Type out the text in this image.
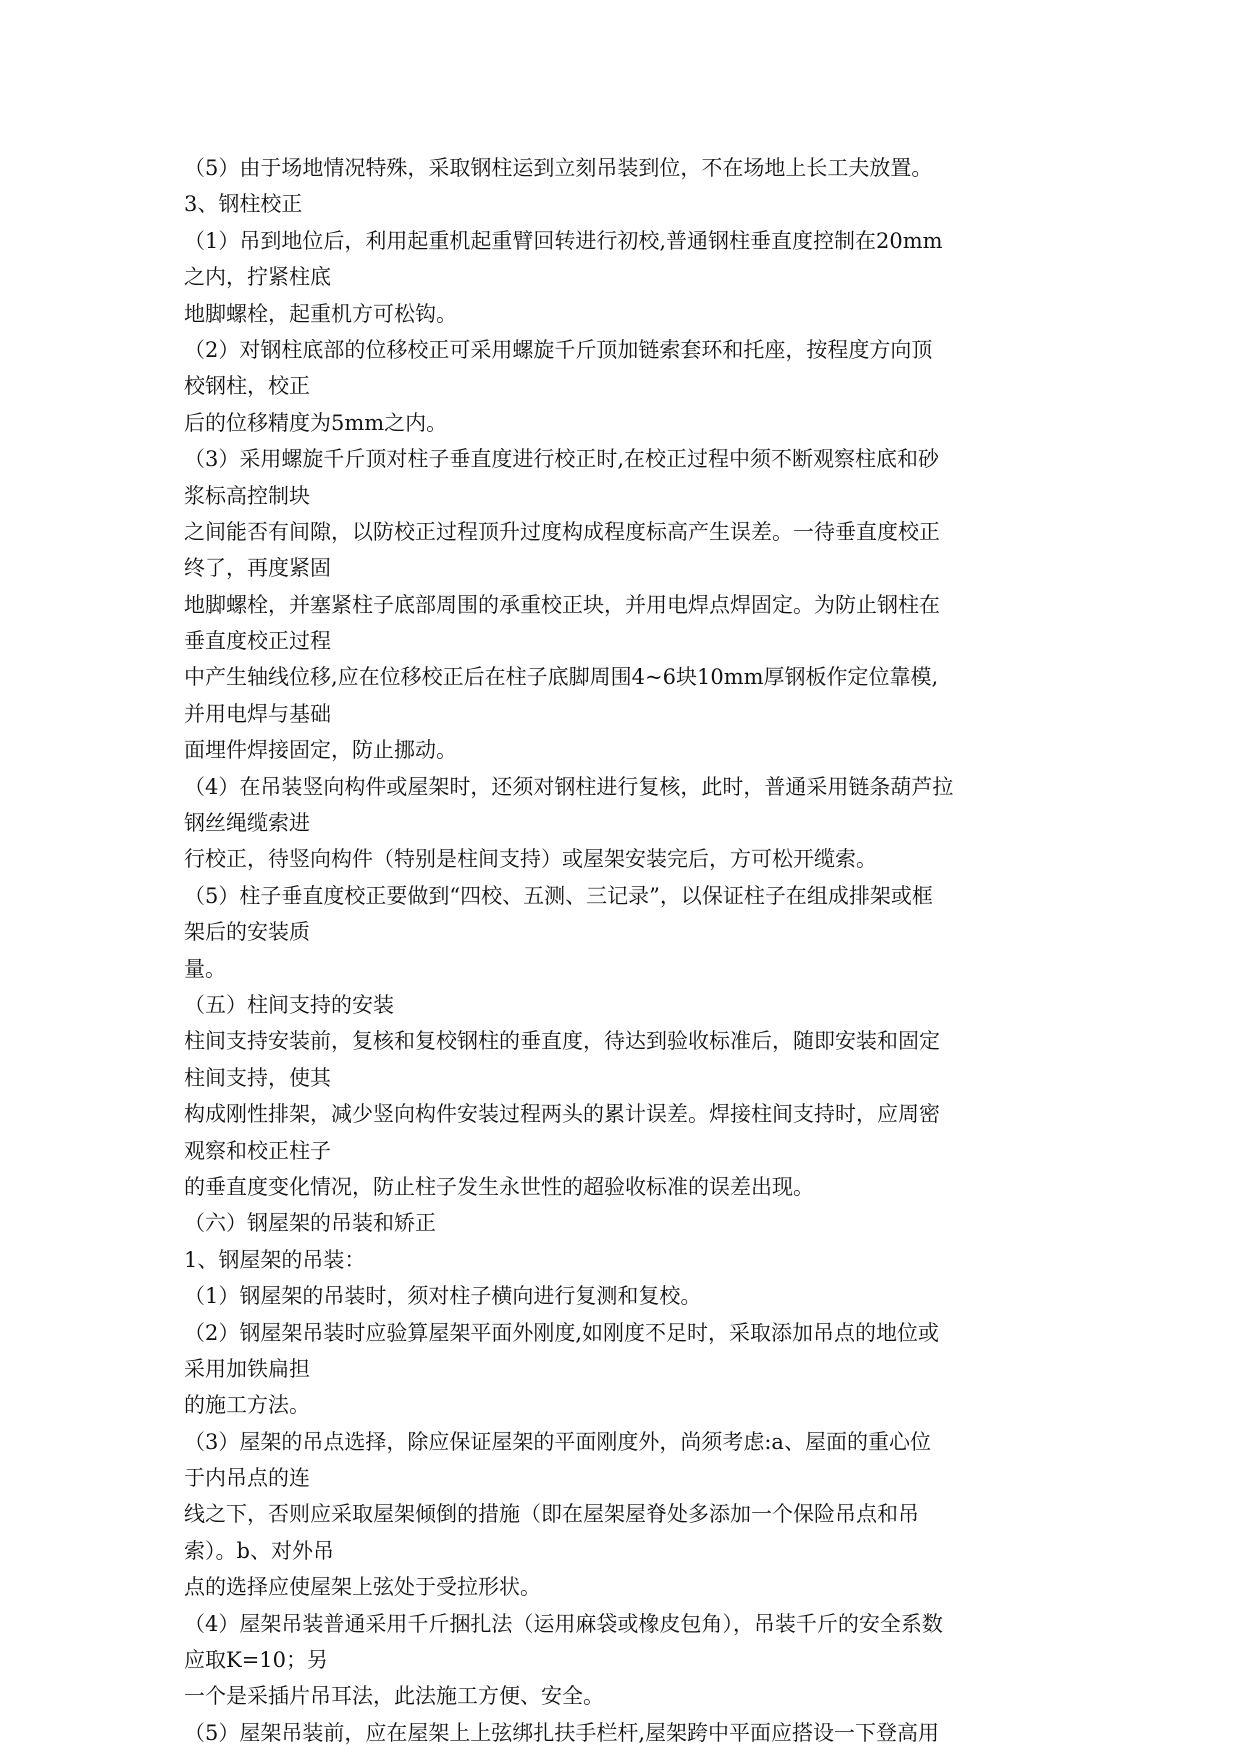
（5）由于场地情况特殊，采取钢柱运到立刻吊装到位，不在场地上长工夫放置。
3、钢柱校正
（1）吊到地位后，利用起重机起重臂回转进行初校,普通钢柱垂直度控制在20mm
之内，拧紧柱底
地脚螺栓，起重机方可松钩。
（2）对钢柱底部的位移校正可采用螺旋千斤顶加链索套环和托座，按程度方向顶
校钢柱，校正
后的位移精度为5mm之内。
（3）采用螺旋千斤顶对柱子垂直度进行校正时,在校正过程中须不断观察柱底和砂
浆标高控制块
之间能否有间隙，以防校正过程顶升过度构成程度标高产生误差。一待垂直度校正
终了，再度紧固
地脚螺栓，并塞紧柱子底部周围的承重校正块，并用电焊点焊固定。为防止钢柱在
垂直度校正过程
中产生轴线位移,应在位移校正后在柱子底脚周围4~6块10mm厚钢板作定位靠模,
并用电焊与基础
面埋件焊接固定，防止挪动。
（4）在吊装竖向构件或屋架时，还须对钢柱进行复核，此时，普通采用链条葫芦拉
钢丝绳缆索进
行校正，待竖向构件（特别是柱间支持）或屋架安装完后，方可松开缆索。
（5）柱子垂直度校正要做到“四校、五测、三记录”，以保证柱子在组成排架或框
架后的安装质
量。
（五）柱间支持的安装
柱间支持安装前，复核和复校钢柱的垂直度，待达到验收标准后，随即安装和固定
柱间支持，使其
构成刚性排架，减少竖向构件安装过程两头的累计误差。焊接柱间支持时，应周密
观察和校正柱子
的垂直度变化情况，防止柱子发生永世性的超验收标准的误差出现。
（六）钢屋架的吊装和矫正
1、钢屋架的吊装：
（1）钢屋架的吊装时，须对柱子横向进行复测和复校。
（2）钢屋架吊装时应验算屋架平面外刚度,如刚度不足时，采取添加吊点的地位或
采用加铁扁担
的施工方法。
（3）屋架的吊点选择，除应保证屋架的平面刚度外，尚须考虑:a、屋面的重心位
于内吊点的连
线之下，否则应采取屋架倾倒的措施（即在屋架屋脊处多添加一个保险吊点和吊
索）。b、对外吊
点的选择应使屋架上弦处于受拉形状。
（4）屋架吊装普通采用千斤捆扎法（运用麻袋或橡皮包角），吊装千斤的安全系数
应取K=10；另
一个是采插片吊耳法，此法施工方便、安全。
（5）屋架吊装前，应在屋架上上弦绑扎扶手栏杆,屋架跨中平面应搭设一下登高用
